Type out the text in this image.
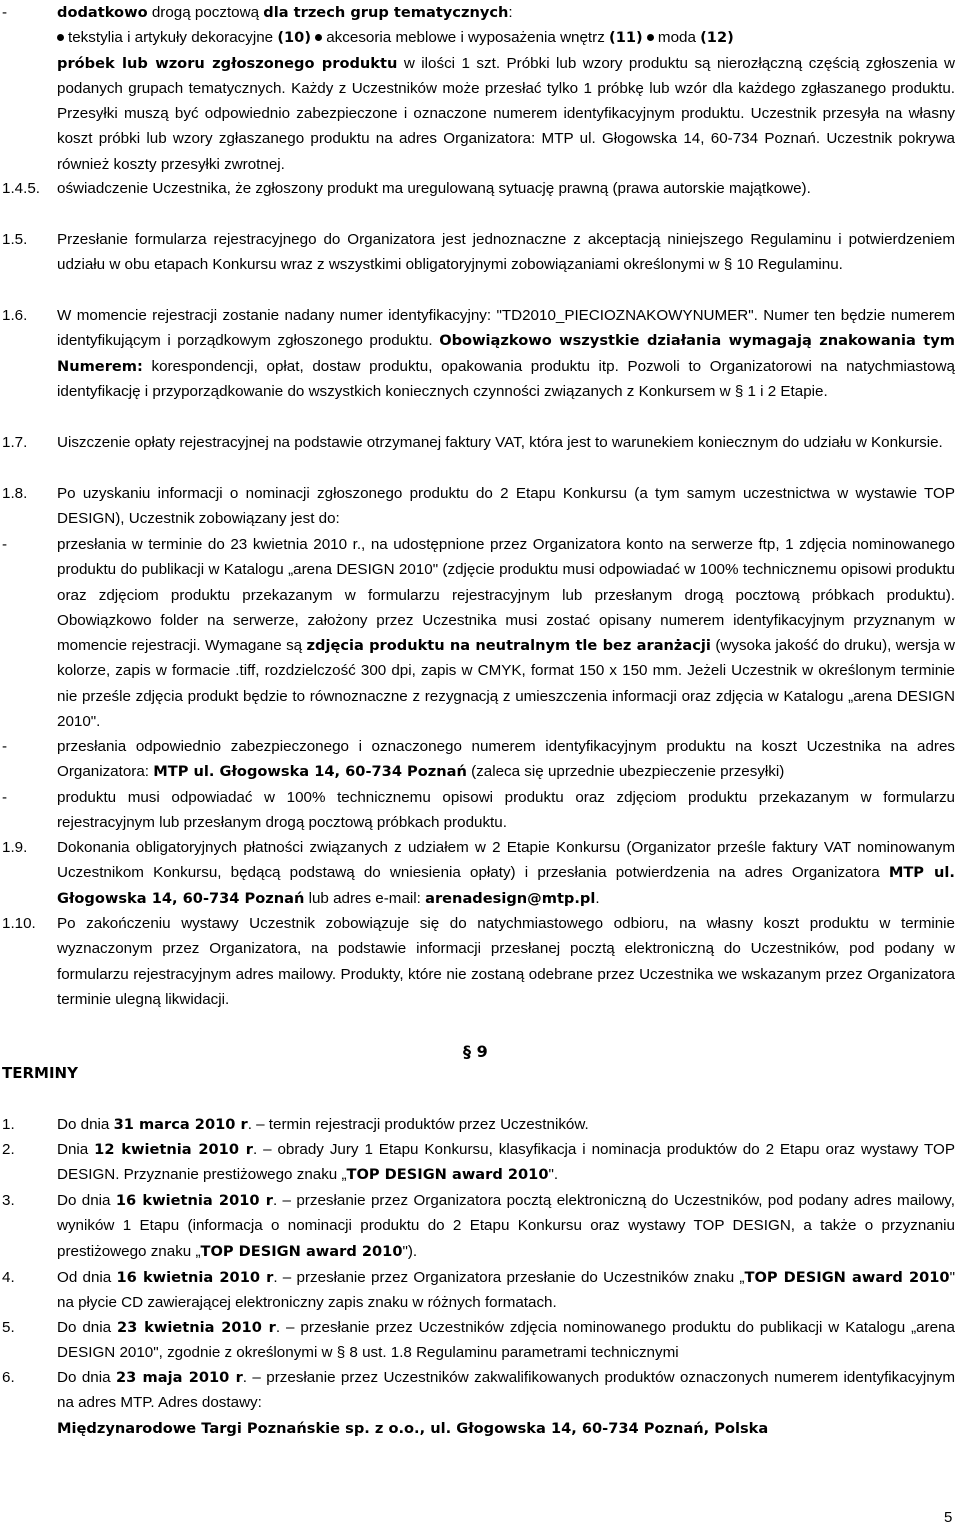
-	dodatkowo drogą pocztową dla trzech grup tematycznych:
tekstylia i artykuły dekoracyjne (10) akcesoria meblowe i wyposażenia wnętrz (11) moda (12)

próbek lub wzoru zgłoszonego produktu w ilości 1 szt. Próbki lub wzory produktu są nierozłączną częścią zgłoszenia w podanych grupach tematycznych. Każdy z Uczestników może przesłać tylko 1 próbkę lub wzór dla każdego zgłaszanego produktu. Przesyłki muszą być odpowiednio zabezpieczone i oznaczone numerem identyfikacyjnym produktu. Uczestnik przesyła na własny koszt próbki lub wzory zgłaszanego produktu na adres Organizatora: MTP ul. Głogowska 14, 60-734 Poznań. Uczestnik pokrywa również koszty przesyłki zwrotnej.
1.4.5. oświadczenie Uczestnika, że zgłoszony produkt ma uregulowaną sytuację prawną (prawa autorskie majątkowe).
1.5. Przesłanie formularza rejestracyjnego do Organizatora jest jednoznaczne z akceptacją niniejszego Regulaminu i potwierdzeniem udziału w obu etapach Konkursu wraz z wszystkimi obligatoryjnymi zobowiązaniami określonymi w § 10 Regulaminu.
1.6. W momencie rejestracji zostanie nadany numer identyfikacyjny: "TD2010_PIECIOZNAKOWYNUMER". Numer ten będzie numerem identyfikującym i porządkowym zgłoszonego produktu. Obowiązkowo wszystkie działania wymagają znakowania tym Numerem: korespondencji, opłat, dostaw produktu, opakowania produktu itp. Pozwoli to Organizatorowi na natychmiastową identyfikację i przyporządkowanie do wszystkich koniecznych czynności związanych z Konkursem w § 1 i 2 Etapie.
1.7. Uiszczenie opłaty rejestracyjnej na podstawie otrzymanej faktury VAT, która jest to warunekiem koniecznym do udziału w Konkursie.
1.8. Po uzyskaniu informacji o nominacji zgłoszonego produktu do 2 Etapu Konkursu (a tym samym uczestnictwa w wystawie TOP DESIGN), Uczestnik zobowiązany jest do:
-	przesłania w terminie do 23 kwietnia 2010 r., na udostępnione przez Organizatora konto na serwerze ftp, 1 zdjęcia nominowanego produktu do publikacji w Katalogu „arena DESIGN 2010" (zdjęcie produktu musi odpowiadać w 100% technicznemu opisowi produktu oraz zdjęciom produktu przekazanym w formularzu rejestracyjnym lub przesłanym drogą pocztową próbkach produktu). Obowiązkowo folder na serwerze, założony przez Uczestnika musi zostać opisany numerem identyfikacyjnym przyznanym w momencie rejestracji. Wymagane są zdjęcia produktu na neutralnym tle bez aranżacji (wysoka jakość do druku), wersja w kolorze, zapis w formacie .tiff, rozdzielczość 300 dpi, zapis w CMYK, format 150 x 150 mm. Jeżeli Uczestnik w określonym terminie nie prześle zdjęcia produkt będzie to równoznaczne z rezygnacją z umieszczenia informacji oraz zdjęcia w Katalogu „arena DESIGN 2010".
-	przesłania odpowiednio zabezpieczonego i oznaczonego numerem identyfikacyjnym produktu na koszt Uczestnika na adres Organizatora: MTP ul. Głogowska 14, 60-734 Poznań (zaleca się uprzednie ubezpieczenie przesyłki)
-	produktu musi odpowiadać w 100% technicznemu opisowi produktu oraz zdjęciom produktu przekazanym w formularzu rejestracyjnym lub przesłanym drogą pocztową próbkach produktu.
1.9. Dokonania obligatoryjnych płatności związanych z udziałem w 2 Etapie Konkursu (Organizator prześle faktury VAT nominowanym Uczestnikom Konkursu, będącą podstawą do wniesienia opłaty) i przesłania potwierdzenia na adres Organizatora MTP ul. Głogowska 14, 60-734 Poznań lub adres e-mail: arenadesign@mtp.pl.
1.10. Po zakończeniu wystawy Uczestnik zobowiązuje się do natychmiastowego odbioru, na własny koszt produktu w terminie wyznaczonym przez Organizatora, na podstawie informacji przesłanej pocztą elektroniczną do Uczestników, pod podany w formularzu rejestracyjnym adres mailowy. Produkty, które nie zostaną odebrane przez Uczestnika we wskazanym przez Organizatora terminie ulegną likwidacji.
§ 9
TERMINY
1.	Do dnia 31 marca 2010 r. – termin rejestracji produktów przez Uczestników.
2.	Dnia 12 kwietnia 2010 r. – obrady Jury 1 Etapu Konkursu, klasyfikacja i nominacja produktów do 2 Etapu oraz wystawy TOP DESIGN. Przyznanie prestiżowego znaku „TOP DESIGN award 2010".
3.	Do dnia 16 kwietnia 2010 r. – przesłanie przez Organizatora pocztą elektroniczną do Uczestników, pod podany adres mailowy, wyników 1 Etapu (informacja o nominacji produktu do 2 Etapu Konkursu oraz wystawy TOP DESIGN, a także o przyznaniu prestiżowego znaku „TOP DESIGN award 2010").
4.	Od dnia 16 kwietnia 2010 r. – przesłanie przez Organizatora przesłanie do Uczestników znaku „TOP DESIGN award 2010" na płycie CD zawierającej elektroniczny zapis znaku w różnych formatach.
5.	Do dnia 23 kwietnia 2010 r. – przesłanie przez Uczestników zdjęcia nominowanego produktu do publikacji w Katalogu „arena DESIGN 2010", zgodnie z określonymi w § 8 ust. 1.8 Regulaminu parametrami technicznymi
6.	Do dnia 23 maja 2010 r. – przesłanie przez Uczestników zakwalifikowanych produktów oznaczonych numerem identyfikacyjnym na adres MTP. Adres dostawy:
Międzynarodowe Targi Poznańskie sp. z o.o., ul. Głogowska 14, 60-734 Poznań, Polska
5
